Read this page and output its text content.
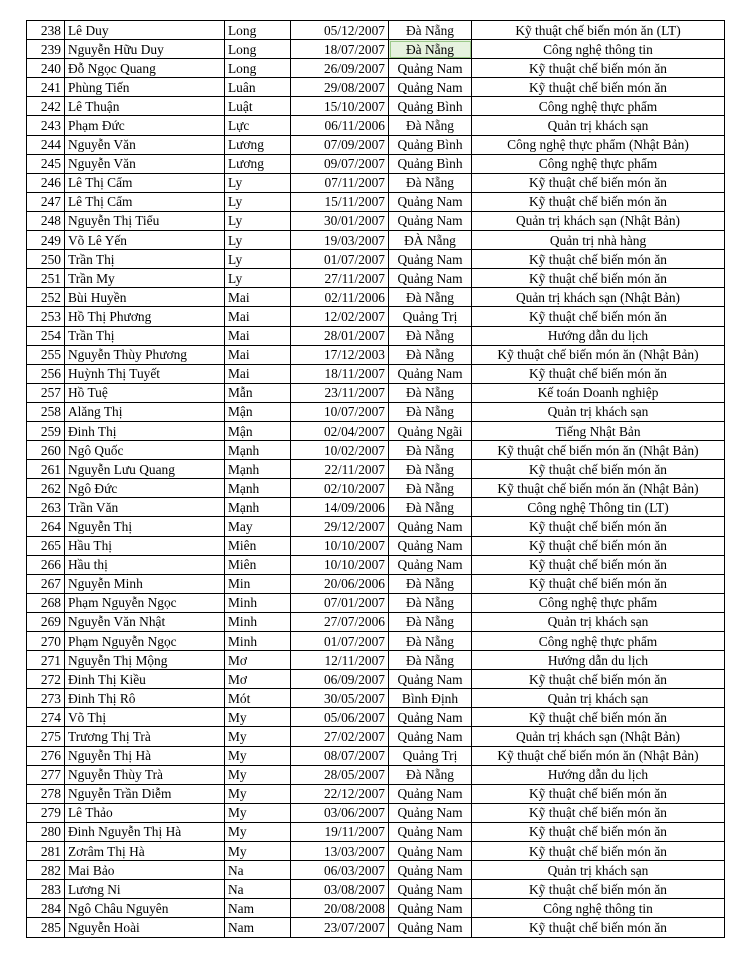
238	Lê Duy	Long	05/12/2007	Đà Nẵng	Kỹ thuật chế biến món ăn (LT)
239	Nguyễn Hữu Duy	Long	18/07/2007	Đà Nẵng	Công nghệ thông tin
240	Đỗ Ngọc Quang	Long	26/09/2007	Quảng Nam	Kỹ thuật chế biến món ăn
241	Phùng Tiến	Luân	29/08/2007	Quảng Nam	Kỹ thuật chế biến món ăn
242	Lê Thuận	Luật	15/10/2007	Quảng Bình	Công nghệ thực phẩm
243	Phạm Đức	Lực	06/11/2006	Đà Nẵng	Quản trị khách sạn
244	Nguyễn Văn	Lương	07/09/2007	Quảng Bình	Công nghệ thực phẩm (Nhật Bản)
245	Nguyễn Văn	Lương	09/07/2007	Quảng Bình	Công nghệ thực phẩm
246	Lê Thị Cẩm	Ly	07/11/2007	Đà Nẵng	Kỹ thuật chế biến món ăn
247	Lê Thị Cẩm	Ly	15/11/2007	Quảng Nam	Kỹ thuật chế biến món ăn
248	Nguyễn Thị Tiểu	Ly	30/01/2007	Quảng Nam	Quản trị khách sạn (Nhật Bản)
249	Võ Lê Yến	Ly	19/03/2007	ĐÀ Nẵng	Quản trị nhà hàng
250	Trần Thị	Ly	01/07/2007	Quảng Nam	Kỹ thuật chế biến món ăn
251	Trần My	Ly	27/11/2007	Quảng Nam	Kỹ thuật chế biến món ăn
252	Bùi Huyền	Mai	02/11/2006	Đà Nẵng	Quản trị khách sạn (Nhật Bản)
253	Hồ Thị Phương	Mai	12/02/2007	Quảng Trị	Kỹ thuật chế biến món ăn
254	Trần Thị	Mai	28/01/2007	Đà Nẵng	Hướng dẫn du lịch
255	Nguyễn Thùy Phương	Mai	17/12/2003	Đà Nẵng	Kỹ thuật chế biến món ăn (Nhật Bản)
256	Huỳnh Thị Tuyết	Mai	18/11/2007	Quảng Nam	Kỹ thuật chế biến món ăn
257	Hồ Tuệ	Mẫn	23/11/2007	Đà Nẵng	Kế toán Doanh nghiệp
258	Alăng Thị	Mận	10/07/2007	Đà Nẵng	Quản trị khách sạn
259	Đinh Thị	Mận	02/04/2007	Quảng Ngãi	Tiếng Nhật Bản
260	Ngô Quốc	Mạnh	10/02/2007	Đà Nẵng	Kỹ thuật chế biến món ăn (Nhật Bản)
261	Nguyễn Lưu Quang	Mạnh	22/11/2007	Đà Nẵng	Kỹ thuật chế biến món ăn
262	Ngô Đức	Mạnh	02/10/2007	Đà Nẵng	Kỹ thuật chế biến món ăn (Nhật Bản)
263	Trần Văn	Mạnh	14/09/2006	Đà Nẵng	Công nghệ Thông tin (LT)
264	Nguyễn Thị	May	29/12/2007	Quảng Nam	Kỹ thuật chế biến món ăn
265	Hầu Thị	Miên	10/10/2007	Quảng Nam	Kỹ thuật chế biến món ăn
266	Hầu thị	Miên	10/10/2007	Quảng Nam	Kỹ thuật chế biến món ăn
267	Nguyễn Minh	Min	20/06/2006	Đà Nẵng	Kỹ thuật chế biến món ăn
268	Phạm Nguyễn Ngọc	Minh	07/01/2007	Đà Nẵng	Công nghệ thực phẩm
269	Nguyễn Văn Nhật	Minh	27/07/2006	Đà Nẵng	Quản trị khách sạn
270	Phạm Nguyễn Ngọc	Minh	01/07/2007	Đà Nẵng	Công nghệ thực phẩm
271	Nguyễn Thị Mộng	Mơ	12/11/2007	Đà Nẵng	Hướng dẫn du lịch
272	Đinh Thị Kiều	Mơ	06/09/2007	Quảng Nam	Kỹ thuật chế biến món ăn
273	Đinh Thị Rô	Mót	30/05/2007	Bình Định	Quản trị khách sạn
274	Võ Thị	My	05/06/2007	Quảng Nam	Kỹ thuật chế biến món ăn
275	Trương Thị Trà	My	27/02/2007	Quảng Nam	Quản trị khách sạn (Nhật Bản)
276	Nguyễn Thị Hà	My	08/07/2007	Quảng Trị	Kỹ thuật chế biến món ăn (Nhật Bản)
277	Nguyễn Thùy Trà	My	28/05/2007	Đà Nẵng	Hướng dẫn du lịch
278	Nguyễn Trần Diễm	My	22/12/2007	Quảng Nam	Kỹ thuật chế biến món ăn
279	Lê Thảo	My	03/06/2007	Quảng Nam	Kỹ thuật chế biến món ăn
280	Đinh Nguyễn Thị Hà	My	19/11/2007	Quảng Nam	Kỹ thuật chế biến món ăn
281	Zơrâm Thị Hà	My	13/03/2007	Quảng Nam	Kỹ thuật chế biến món ăn
282	Mai Bảo	Na	06/03/2007	Quảng Nam	Quản trị khách sạn
283	Lương Ni	Na	03/08/2007	Quảng Nam	Kỹ thuật chế biến món ăn
284	Ngô Châu Nguyên	Nam	20/08/2008	Quảng Nam	Công nghệ thông tin
285	Nguyễn Hoài	Nam	23/07/2007	Quảng Nam	Kỹ thuật chế biến món ăn
